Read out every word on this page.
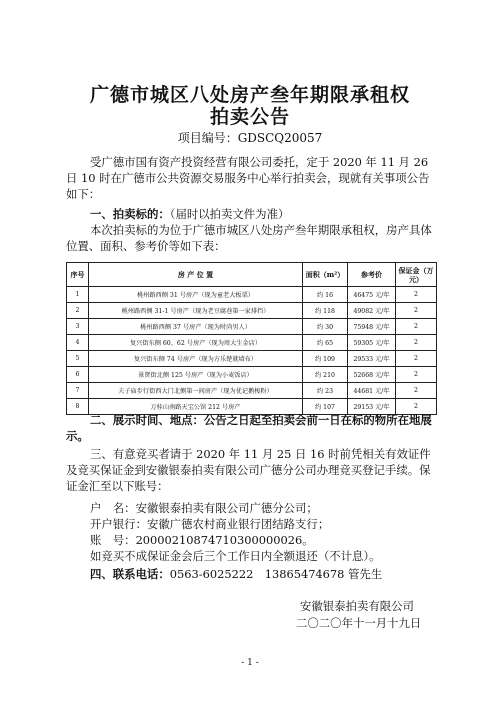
广德市城区八处房产叁年期限承租权
拍卖公告
项目编号：GDSCQ20057
受广德市国有资产投资经营有限公司委托，定于 2020 年 11 月 26 日 10 时在广德市公共资源交易服务中心举行拍卖会，现就有关事项公告如下：
一、拍卖标的：（届时以拍卖文件为准）
本次拍卖标的为位于广德市城区八处房产叁年期限承租权，房产具体位置、面积、参考价等如下表：
序号	房 产 位 置	面积（m²）	参考价	保证金（万元）
1	桃州路西侧 31 号房产（现为童老大板栗）	约 16	46475 元/年	2
2	桃州路西侧 31-1 号房产（现为老豆腐巷第一家排挡）	约 118	49082 元/年	2
3	桃州路西侧 37 号房产（现为时尚男人）	约 30	75948 元/年	2
4	复兴街东侧 60、62 号房产（现为周大生金店）	约 65	59305 元/年	2
5	复兴街东侧 74 号房产（现为方乐楚就墙布）	约 109	29533 元/年	2
6	景贤街北侧 125 号房产（现为小麦饭店）	约 210	52668 元/年	2
7	夫子庙步行街西大门北侧第一间房产（现为优记鹅梭粉）	约 23	44681 元/年	2
8	万桂山南路天宝公馆 212 号房产	约 107	29153 元/年	2
二、展示时间、地点：公告之日起至拍卖会前一日在标的物所在地展示。
三、有意竞买者请于 2020 年 11 月 25 日 16 时前凭相关有效证件及竞买保证金到安徽银泰拍卖有限公司广德分公司办理竞买登记手续。保证金汇至以下账号：
户　名：安徽银泰拍卖有限公司广德分公司；
开户银行：安徽广德农村商业银行团结路支行；
账　号：20000210874710300000026。
如竞买不成保证金会后三个工作日内全额退还（不计息）。
四、联系电话：0563-6025222　13865474678 管先生
安徽银泰拍卖有限公司
二〇二〇年十一月十九日
- 1 -
